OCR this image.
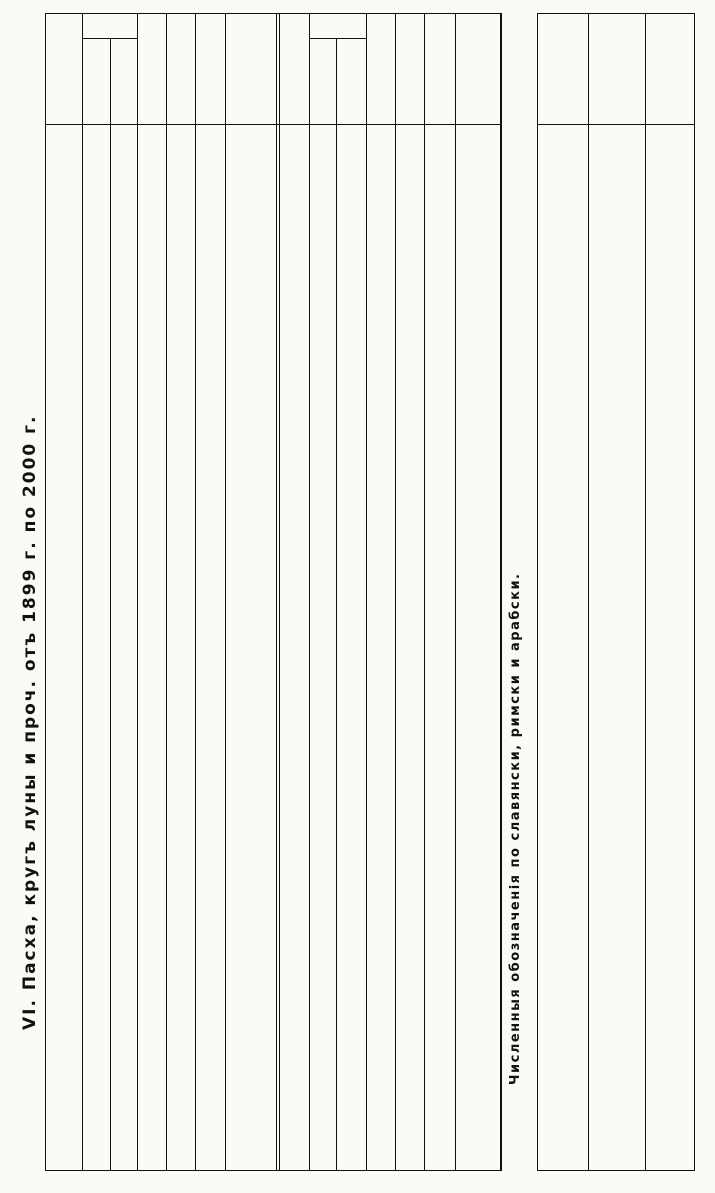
VI. Пасха, кругъ луны и проч. отъ 1899 г. по 2000 г.	Численныя обозначенія по славянски, римски и арабски.
